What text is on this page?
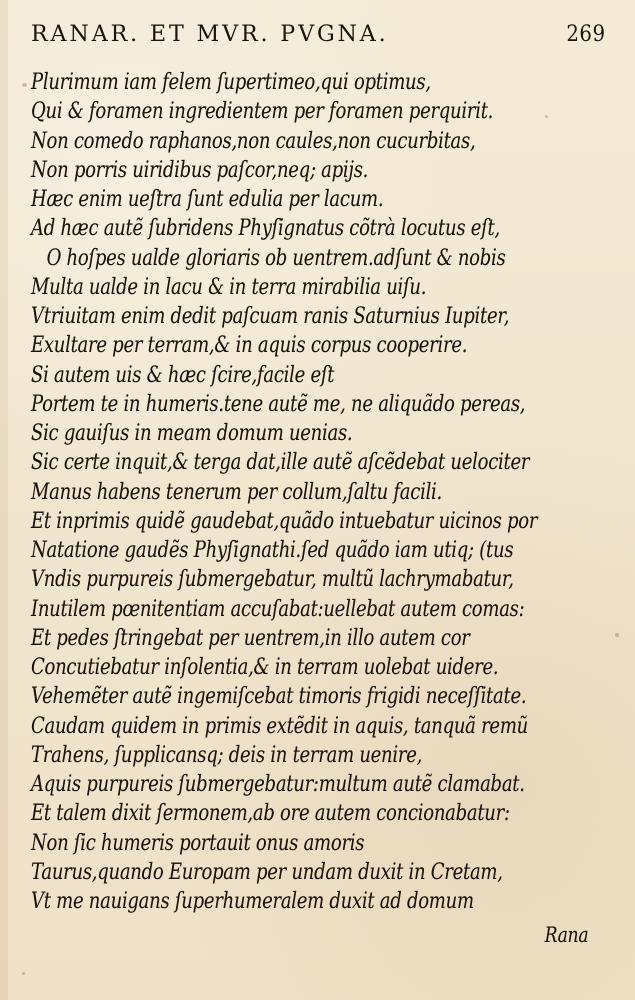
RANAR. ET MVR. PVGNA.	269
Plurimum iam felem ſupertimeo,qui optimus,
Qui & foramen ingredientem per foramen perquirit.
Non comedo raphanos,non caules,non cucurbitas,
Non porris uiridibus paſcor,neq; apijs.
Hæc enim ueſtra ſunt edulia per lacum.
Ad hæc autẽ ſubridens Phyſignatus cõtrà locutus eſt,
O hoſpes ualde gloriaris ob uentrem.adſunt & nobis
Multa ualde in lacu & in terra mirabilia uiſu.
Vtriuitam enim dedit paſcuam ranis Saturnius Iupiter,
Exultare per terram,& in aquis corpus cooperire.
Si autem uis & hæc ſcire,facile eſt
Portem te in humeris.tene autẽ me, ne aliquãdo pereas,
Sic gauiſus in meam domum uenias.
Sic certe inquit,& terga dat,ille autẽ aſcẽdebat uelociter
Manus habens tenerum per collum,ſaltu facili.
Et inprimis quidẽ gaudebat,quãdo intuebatur uicinos por
Natatione gaudẽs Phyſignathi.ſed quãdo iam utiq; (tus
Vndis purpureis ſubmergebatur, multũ lachrymabatur,
Inutilem pœnitentiam accuſabat:uellebat autem comas:
Et pedes ſtringebat per uentrem,in illo autem cor
Concutiebatur inſolentia,& in terram uolebat uidere.
Vehemẽter autẽ ingemiſcebat timoris frigidi neceſſitate.
Caudam quidem in primis extẽdit in aquis, tanquã remũ
Trahens, ſupplicansq; deis in terram uenire,
Aquis purpureis ſubmergebatur:multum autẽ clamabat.
Et talem dixit ſermonem,ab ore autem concionabatur:
Non ſic humeris portauit onus amoris
Taurus,quando Europam per undam duxit in Cretam,
Vt me nauigans ſuperhumeralem duxit ad domum
Rana
